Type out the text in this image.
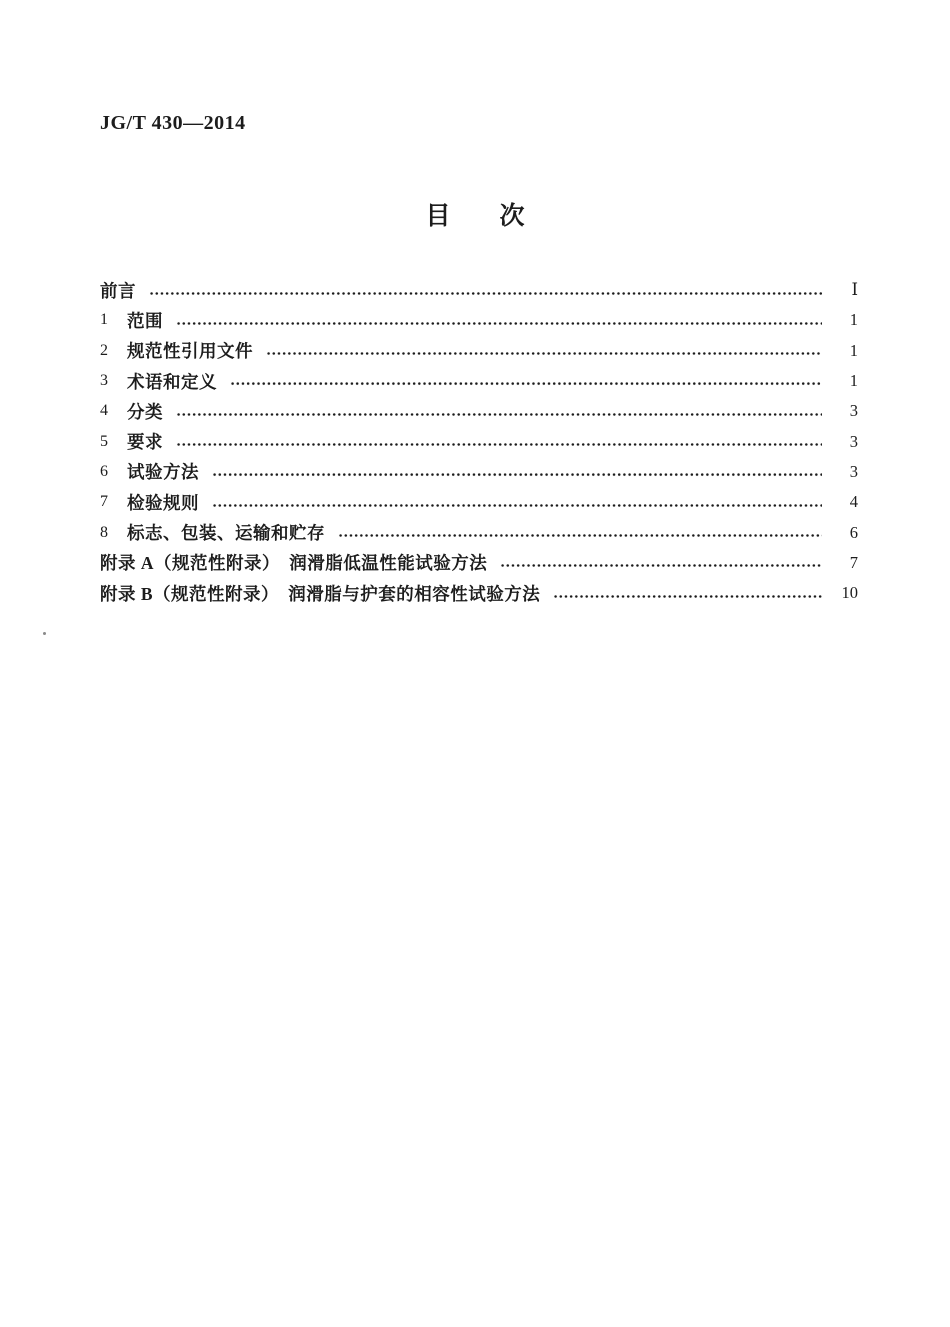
JG/T 430—2014
目　次
前言	Ⅰ
1	范围	1
2	规范性引用文件	1
3	术语和定义	1
4	分类	3
5	要求	3
6	试验方法	3
7	检验规则	4
8	标志、包装、运输和贮存	6
附录 A（规范性附录）　润滑脂低温性能试验方法	7
附录 B（规范性附录）　润滑脂与护套的相容性试验方法	10
